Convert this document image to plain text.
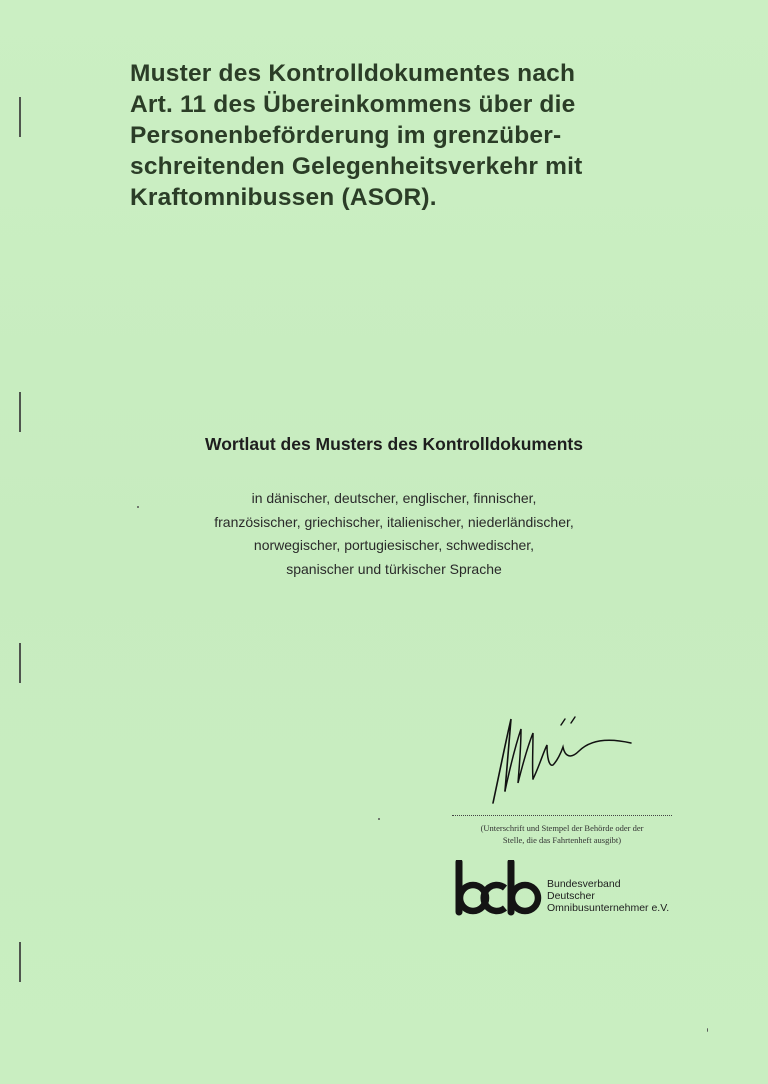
Muster des Kontrolldokumentes nach
Art. 11 des Übereinkommens über die
Personenbeförderung im grenzüber-
schreitenden Gelegenheitsverkehr mit
Kraftomnibussen (ASOR).
Wortlaut des Musters des Kontrolldokuments
in dänischer, deutscher, englischer, finnischer,
französischer, griechischer, italienischer, niederländischer,
norwegischer, portugiesischer, schwedischer,
spanischer und türkischer Sprache
(Unterschrift und Stempel der Behörde oder der
Stelle, die das Fahrtenheft ausgibt)
Bundesverband
Deutscher
Omnibusunternehmer e.V.
